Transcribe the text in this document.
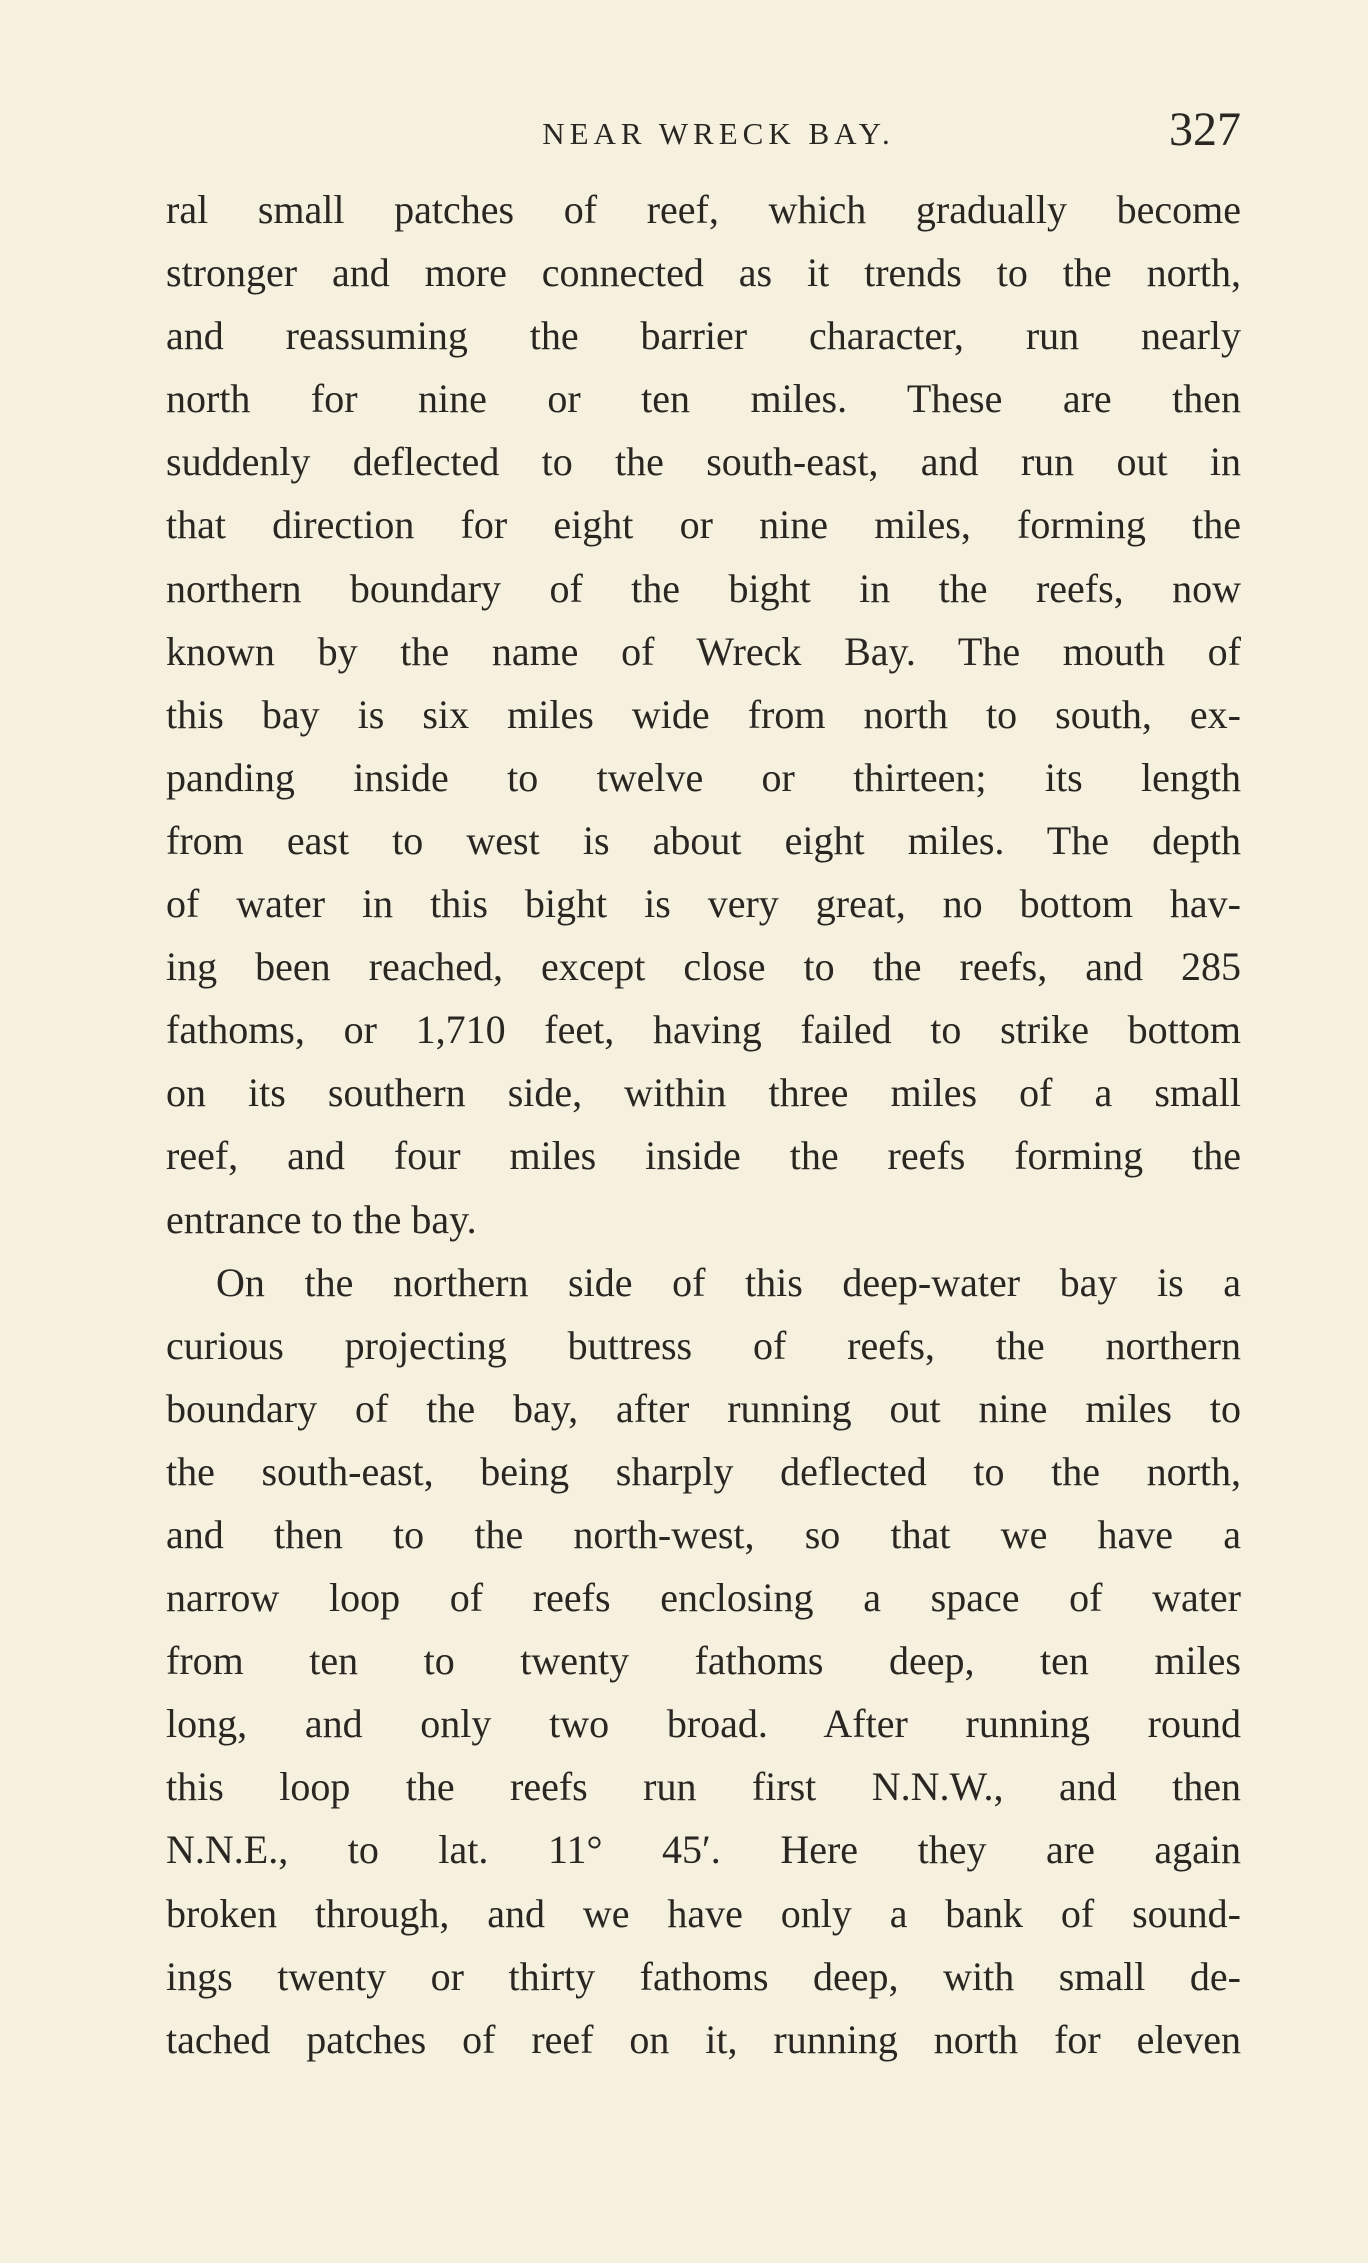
NEAR WRECK BAY.	327
ral small patches of reef, which gradually become
stronger and more connected as it trends to the north,
and reassuming the barrier character, run nearly
north for nine or ten miles. These are then
suddenly deflected to the south-east, and run out in
that direction for eight or nine miles, forming the
northern boundary of the bight in the reefs, now
known by the name of Wreck Bay. The mouth of
this bay is six miles wide from north to south, ex-
panding inside to twelve or thirteen; its length
from east to west is about eight miles. The depth
of water in this bight is very great, no bottom hav-
ing been reached, except close to the reefs, and 285
fathoms, or 1,710 feet, having failed to strike bottom
on its southern side, within three miles of a small
reef, and four miles inside the reefs forming the
entrance to the bay.
On the northern side of this deep-water bay is a
curious projecting buttress of reefs, the northern
boundary of the bay, after running out nine miles to
the south-east, being sharply deflected to the north,
and then to the north-west, so that we have a
narrow loop of reefs enclosing a space of water
from ten to twenty fathoms deep, ten miles
long, and only two broad. After running round
this loop the reefs run first N.N.W., and then
N.N.E., to lat. 11° 45′. Here they are again
broken through, and we have only a bank of sound-
ings twenty or thirty fathoms deep, with small de-
tached patches of reef on it, running north for eleven
